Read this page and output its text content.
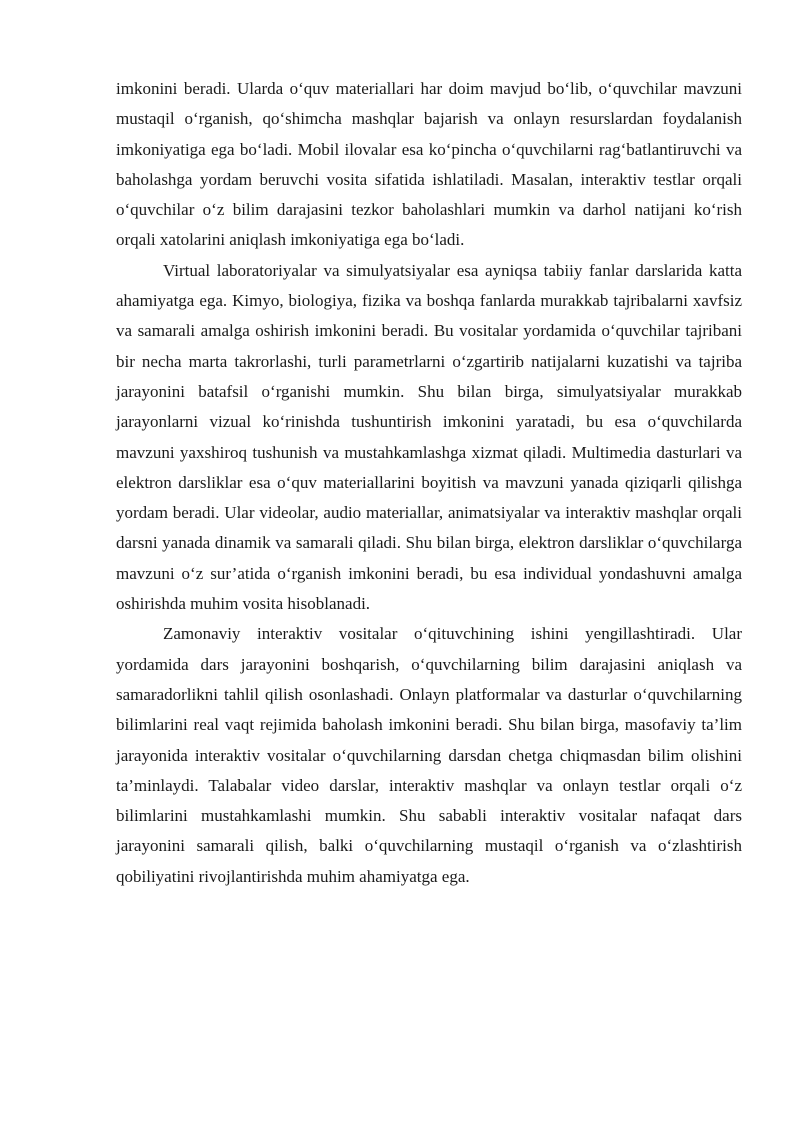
imkonini beradi. Ularda o‘quv materiallari har doim mavjud bo‘lib, o‘quvchilar mavzuni mustaqil o‘rganish, qo‘shimcha mashqlar bajarish va onlayn resurslardan foydalanish imkoniyatiga ega bo‘ladi. Mobil ilovalar esa ko‘pincha o‘quvchilarni rag‘batlantiruvchi va baholashga yordam beruvchi vosita sifatida ishlatiladi. Masalan, interaktiv testlar orqali o‘quvchilar o‘z bilim darajasini tezkor baholashlari mumkin va darhol natijani ko‘rish orqali xatolarini aniqlash imkoniyatiga ega bo‘ladi.

Virtual laboratoriyalar va simulyatsiyalar esa ayniqsa tabiiy fanlar darslarida katta ahamiyatga ega. Kimyo, biologiya, fizika va boshqa fanlarda murakkab tajribalarni xavfsiz va samarali amalga oshirish imkonini beradi. Bu vositalar yordamida o‘quvchilar tajribani bir necha marta takrorlashi, turli parametrlarni o‘zgartirib natijalarni kuzatishi va tajriba jarayonini batafsil o‘rganishi mumkin. Shu bilan birga, simulyatsiyalar murakkab jarayonlarni vizual ko‘rinishda tushuntirish imkonini yaratadi, bu esa o‘quvchilarda mavzuni yaxshiroq tushunish va mustahkamlashga xizmat qiladi. Multimedia dasturlari va elektron darsliklar esa o‘quv materiallarini boyitish va mavzuni yanada qiziqarli qilishga yordam beradi. Ular videolar, audio materiallar, animatsiyalar va interaktiv mashqlar orqali darsni yanada dinamik va samarali qiladi. Shu bilan birga, elektron darsliklar o‘quvchilarga mavzuni o‘z sur’atida o‘rganish imkonini beradi, bu esa individual yondashuvni amalga oshirishda muhim vosita hisoblanadi.

Zamonaviy interaktiv vositalar o‘qituvchining ishini yengillashtiradi. Ular yordamida dars jarayonini boshqarish, o‘quvchilarning bilim darajasini aniqlash va samaradorlikni tahlil qilish osonlashadi. Onlayn platformalar va dasturlar o‘quvchilarning bilimlarini real vaqt rejimida baholash imkonini beradi. Shu bilan birga, masofaviy ta’lim jarayonida interaktiv vositalar o‘quvchilarning darsdan chetga chiqmasdan bilim olishini ta’minlaydi. Talabalar video darslar, interaktiv mashqlar va onlayn testlar orqali o‘z bilimlarini mustahkamlashi mumkin. Shu sababli interaktiv vositalar nafaqat dars jarayonini samarali qilish, balki o‘quvchilarning mustaqil o‘rganish va o‘zlashtirish qobiliyatini rivojlantirishda muhim ahamiyatga ega.
